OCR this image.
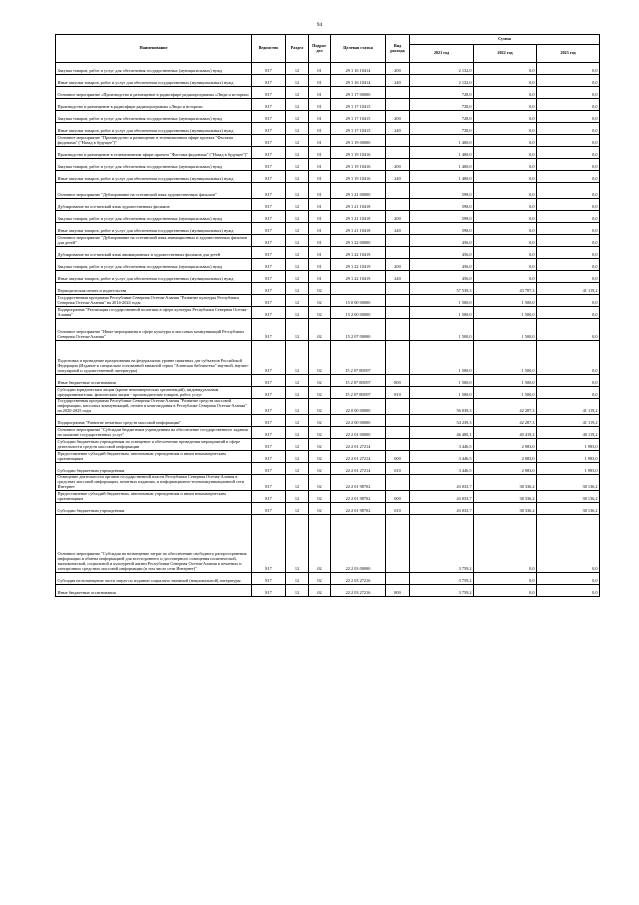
94
Наименование	Ведомство	Раздел	Подраз-дел	Целевая статья	Вид расхода	Сумма		
						2021 год	2022 год	2023 год
Закупка товаров, работ и услуг для обеспечения государственных (муниципальных) нужд	817	12	01	29 1 16 10414	200	2 132,0	0,0	0,0
Иные закупки товаров, работ и услуг для обеспечения государственных (муниципальных) нужд	817	12	01	29 1 16 10414	240	2 132,0	0,0	0,0
Основное мероприятие «Производство и размещение в радиоэфире радиопрограммы «Люди и истории»	817	12	01	29 1 17 00000		728,0	0,0	0,0
Производство и размещение в радиоэфире радиопрограммы «Люди и истории»	817	12	01	29 1 17 10415		728,0	0,0	0,0
Закупка товаров, работ и услуг для обеспечения государственных (муниципальных) нужд	817	12	01	29 1 17 10415	200	728,0	0,0	0,0
Иные закупки товаров, работ и услуг для обеспечения государственных (муниципальных) нужд	817	12	01	29 1 17 10415	240	728,0	0,0	0,0
Основное мероприятие "Производство и размещение в телевизионном эфире проекта "Фастама фидонама" ("Назад в будущее")"	817	12	01	29 1 19 00000		1 400,0	0,0	0,0
Производство и размещение в телевизионном эфире проекта "Фастама фидонама" ("Назад в будущее")"	817	12	01	29 1 19 10416		1 400,0	0,0	0,0
Закупка товаров, работ и услуг для обеспечения государственных (муниципальных) нужд	817	12	01	29 1 19 10416	200	1 400,0	0,0	0,0
Иные закупки товаров, работ и услуг для обеспечения государственных (муниципальных) нужд	817	12	01	29 1 19 10416	240	1 400,0	0,0	0,0
Основное мероприятие "Дублирование на осетинский язык художественных фильмов"	817	12	01	29 1 21 00000		598,0	0,0	0,0
Дублирование на осетинский язык художественных фильмов	817	12	01	29 1 21 10418		598,0	0,0	0,0
Закупка товаров, работ и услуг для обеспечения государственных (муниципальных) нужд	817	12	01	29 1 21 10418	200	598,0	0,0	0,0
Иные закупки товаров, работ и услуг для обеспечения государственных (муниципальных) нужд	817	12	01	29 1 21 10418	240	598,0	0,0	0,0
Основное мероприятие "Дублирование на осетинский язык анимационных и художественных фильмов для детей"	817	12	01	29 1 22 00000		456,0	0,0	0,0
Дублирование на осетинский язык анимационных и художественных фильмов для детей	817	12	01	29 1 22 10419		456,0	0,0	0,0
Закупка товаров, работ и услуг для обеспечения государственных (муниципальных) нужд	817	12	01	29 1 22 10419	200	456,0	0,0	0,0
Иные закупки товаров, работ и услуг для обеспечения государственных (муниципальных) нужд	817	12	01	29 1 22 10419	240	456,0	0,0	0,0
Периодическая печать и издательства	817	12	02			57 539,3	43 787,3	41 119,2
Государственная программа Республики Северная Осетия-Алания "Развитие культуры Республики Северная Осетия-Алания" на 2014-2024 годы	817	12	02	15 0 00 00000		1 500,0	1 500,0	0,0
Подпрограмма "Реализация государственной политики в сфере культуры Республики Северная Осетия-Алания"	817	12	02	15 2 00 00000		1 500,0	1 500,0	0,0
Основное мероприятие "Иные мероприятия в сфере культуры и массовых коммуникаций Республики Северная Осетия-Алания"	817	12	02	15 2 07 00000		1 500,0	1 500,0	0,0
Подготовка и проведение празднования на федеральном уровне памятных дат субъектов Российской Федерации (Издание в специально основанной книжной серии "Аланская библиотека" научной, научно-популярной и художественной литературы)	817	12	02	15 2 07 R5097		1 500,0	1 500,0	0,0
Иные бюджетные ассигнования	817	12	02	15 2 07 R5097	800	1 500,0	1 500,0	0,0
Субсидии юридическим лицам (кроме некоммерческих организаций), индивидуальным предпринимателям, физическим лицам - производителям товаров, работ, услуг	817	12	02	15 2 07 R5097	810	1 500,0	1 500,0	0,0
Государственная программа Республики Северная Осетия-Алания "Развитие средств массовой информации, массовых коммуникаций, печати и книгоиздания в Республике Северная Осетия-Алания" на 2020-2025 годы	817	12	02	22 0 00 00000		56 039,3	42 287,3	41 119,2
Подпрограмма "Развитие печатных средств массовой информации"	817	12	02	22 2 00 00000		54 239,3	42 287,3	41 119,2
Основное мероприятие "Субсидии бюджетным учреждениям на обеспечение государственного задания на оказание государственных услуг"	817	12	02	22 2 01 00000		46 480,1	40 419,2	40 119,2
Субсидии бюджетным учреждениям на освещение и обеспечение проведения мероприятий в сфере деятельности средств массовой информации	817	12	02	22 2 01 27214		3 446,5	2 083,0	1 983,0
Предоставление субсидий бюджетным, автономным учреждениям и иным некоммерческим организациям	817	12	02	22 2 01 27214	600	3 446,5	2 083,0	1 983,0
Субсидии бюджетным учреждениям	817	12	02	22 2 01 27214	610	3 446,5	2 083,0	1 983,0
Освещение деятельности органов государственной власти Республики Северная Осетия-Алания в средствах массовой информации, печатных изданиях, в информационно-телекоммуникационной сети Интернет	817	12	02	22 2 01 98702		43 033,7	38 336,2	38 136,2
Предоставление субсидий бюджетным, автономным учреждениям и иным некоммерческим организациям	817	12	02	22 2 01 98702	600	43 033,7	38 336,2	38 136,2
Субсидии бюджетным учреждениям	817	12	02	22 2 01 98702	610	43 033,7	38 336,2	38 136,2
Основное мероприятие "Субсидия на возмещение затрат по обеспечению свободного распространения информации и обмена информацией для всестороннего и достоверного освещения политической, экономической, социальной и культурной жизни Республики Северная Осетия-Алания в печатных и электронных средствах массовой информации (в том числе сети Интернет)"	817	12	02	22 2 03 00000		3 759,2	0,0	0,0
Субсидия на возмещение части затрат по изданию социально значимой (национальной) литературы	817	12	02	22 2 03 27216		3 759,2	0,0	0,0
Иные бюджетные ассигнования	817	12	02	22 2 03 27216	800	3 759,2	0,0	0,0
